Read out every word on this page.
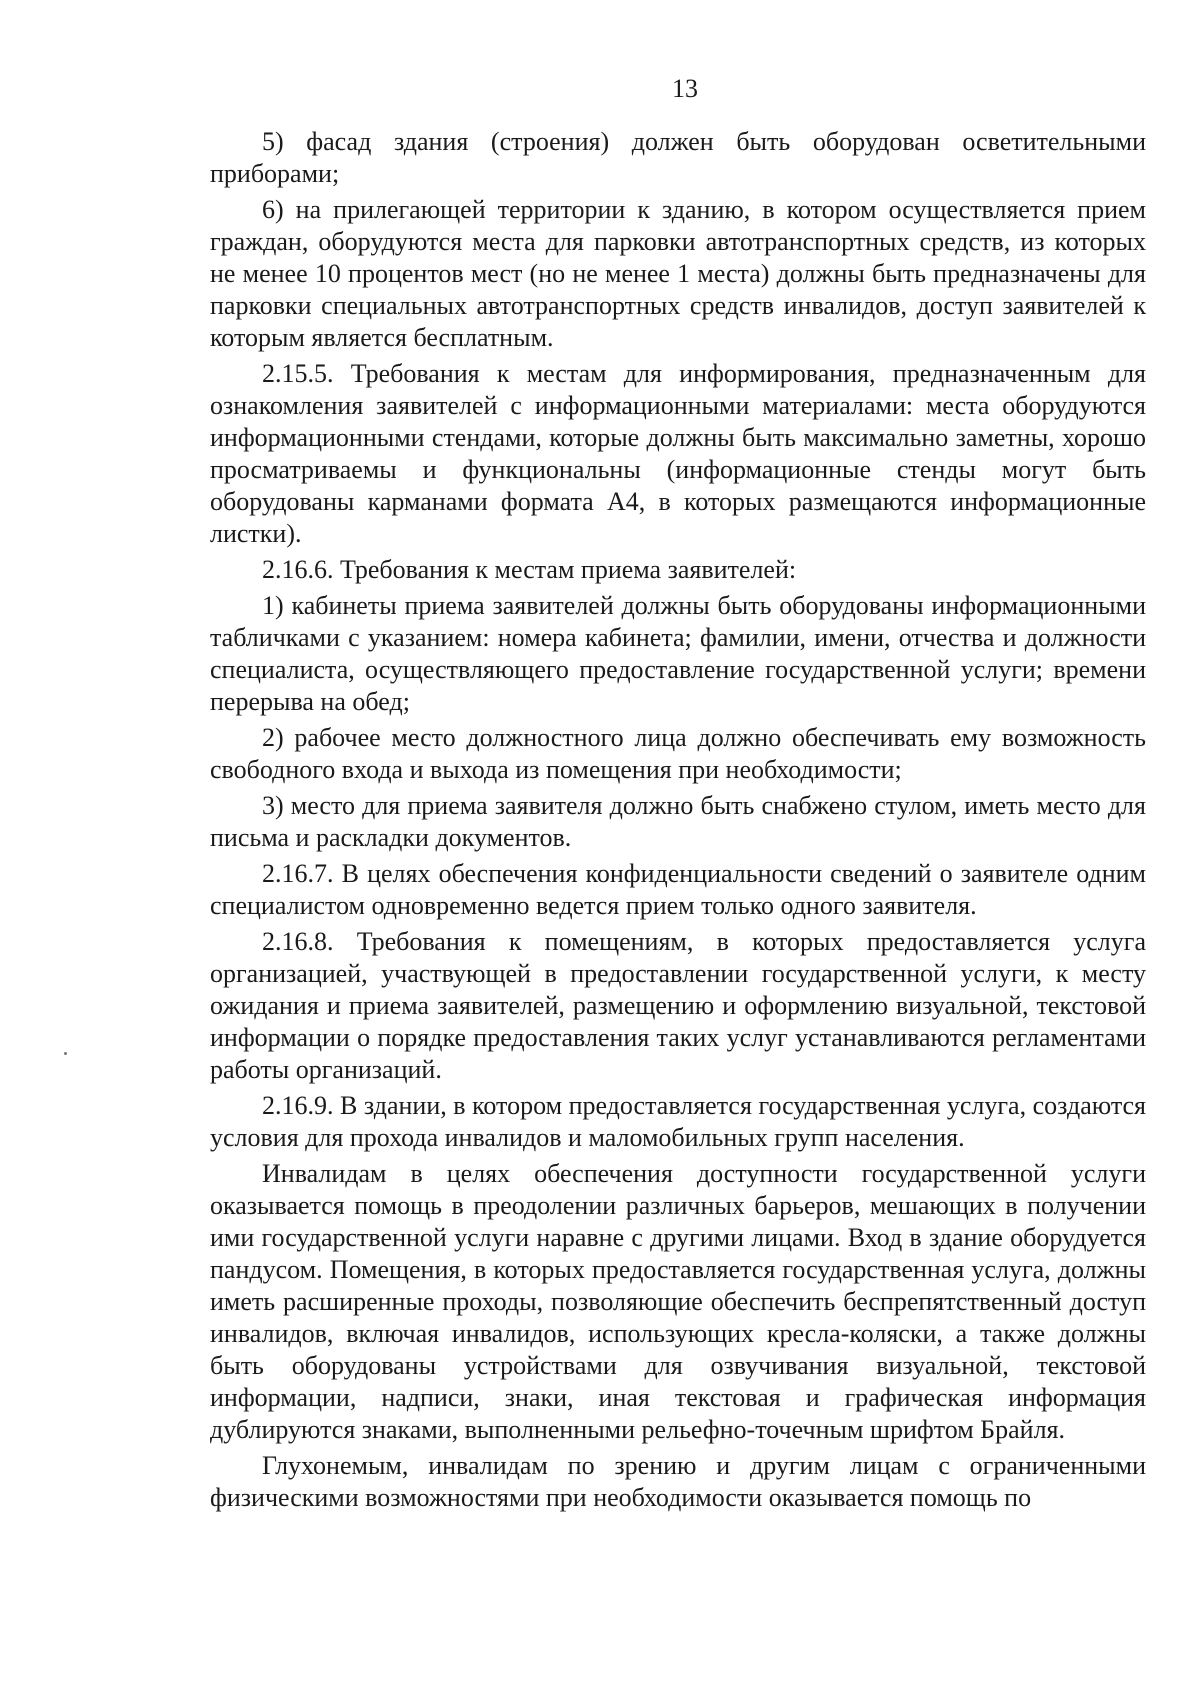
13

5) фасад здания (строения) должен быть оборудован осветительными приборами;

6) на прилегающей территории к зданию, в котором осуществляется прием граждан, оборудуются места для парковки автотранспортных средств, из которых не менее 10 процентов мест (но не менее 1 места) должны быть предназначены для парковки специальных автотранспортных средств инвалидов, доступ заявителей к которым является бесплатным.

2.15.5. Требования к местам для информирования, предназначенным для ознакомления заявителей с информационными материалами: места оборудуются информационными стендами, которые должны быть максимально заметны, хорошо просматриваемы и функциональны (информационные стенды могут быть оборудованы карманами формата А4, в которых размещаются информационные листки).

2.16.6. Требования к местам приема заявителей:

1) кабинеты приема заявителей должны быть оборудованы информационными табличками с указанием: номера кабинета; фамилии, имени, отчества и должности специалиста, осуществляющего предоставление государственной услуги; времени перерыва на обед;

2) рабочее место должностного лица должно обеспечивать ему возможность свободного входа и выхода из помещения при необходимости;

3) место для приема заявителя должно быть снабжено стулом, иметь место для письма и раскладки документов.

2.16.7. В целях обеспечения конфиденциальности сведений о заявителе одним специалистом одновременно ведется прием только одного заявителя.

2.16.8. Требования к помещениям, в которых предоставляется услуга организацией, участвующей в предоставлении государственной услуги, к месту ожидания и приема заявителей, размещению и оформлению визуальной, текстовой информации о порядке предоставления таких услуг устанавливаются регламентами работы организаций.

2.16.9. В здании, в котором предоставляется государственная услуга, создаются условия для прохода инвалидов и маломобильных групп населения.

Инвалидам в целях обеспечения доступности государственной услуги оказывается помощь в преодолении различных барьеров, мешающих в получении ими государственной услуги наравне с другими лицами. Вход в здание оборудуется пандусом. Помещения, в которых предоставляется государственная услуга, должны иметь расширенные проходы, позволяющие обеспечить беспрепятственный доступ инвалидов, включая инвалидов, использующих кресла-коляски, а также должны быть оборудованы устройствами для озвучивания визуальной, текстовой информации, надписи, знаки, иная текстовая и графическая информация дублируются знаками, выполненными рельефно-точечным шрифтом Брайля.

Глухонемым, инвалидам по зрению и другим лицам с ограниченными физическими возможностями при необходимости оказывается помощь по
